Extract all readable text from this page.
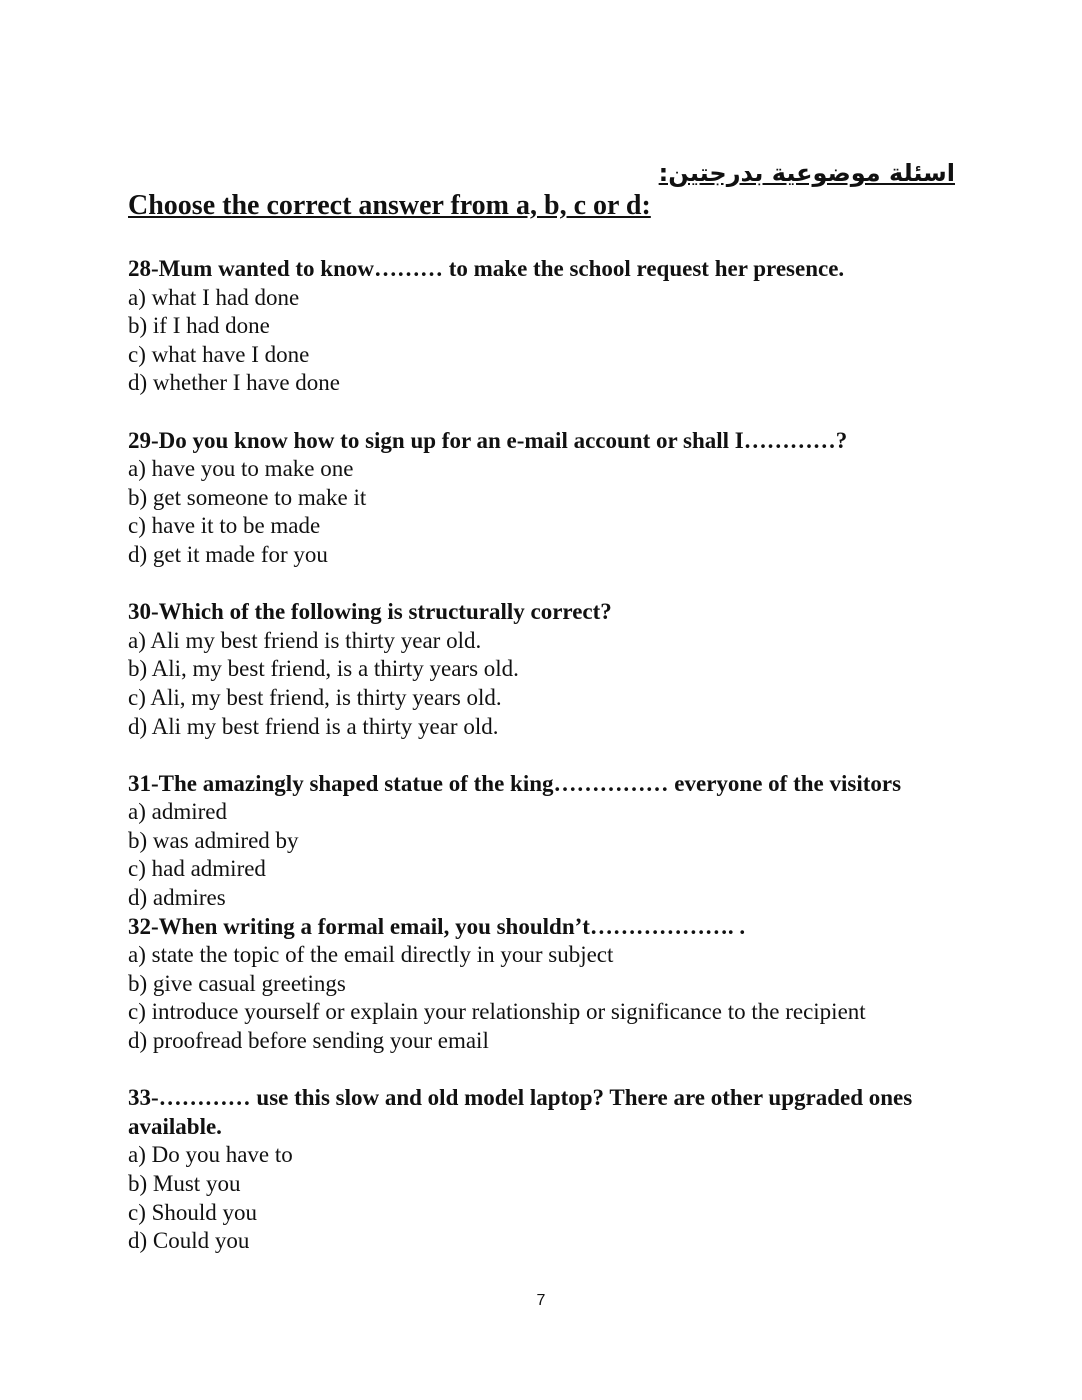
اسئلة موضوعية بدرجتين:
Choose the correct answer from a, b, c or d:
28-Mum wanted to know……… to make the school request her presence.
a) what I had done
b) if I had done
c) what have I done
d) whether I have done
29-Do you know how to sign up for an e-mail account or shall I…………?
a) have you to make one
b) get someone to make it
c) have it to be made
d) get it made for you
30-Which of the following is structurally correct?
a) Ali my best friend is thirty year old.
b) Ali, my best friend, is a thirty years old.
c) Ali, my best friend, is thirty years old.
d) Ali my best friend is a thirty year old.
31-The amazingly shaped statue of the king…………… everyone of the visitors
a) admired
b) was admired by
c) had admired
d) admires
32-When writing a formal email, you shouldn’t………………. .
a) state the topic of the email directly in your subject
b) give casual greetings
c) introduce yourself or explain your relationship or significance to the recipient
d) proofread before sending your email
33-………… use this slow and old model laptop? There are other upgraded ones available.
a) Do you have to
b) Must you
c) Should you
d) Could you
7
